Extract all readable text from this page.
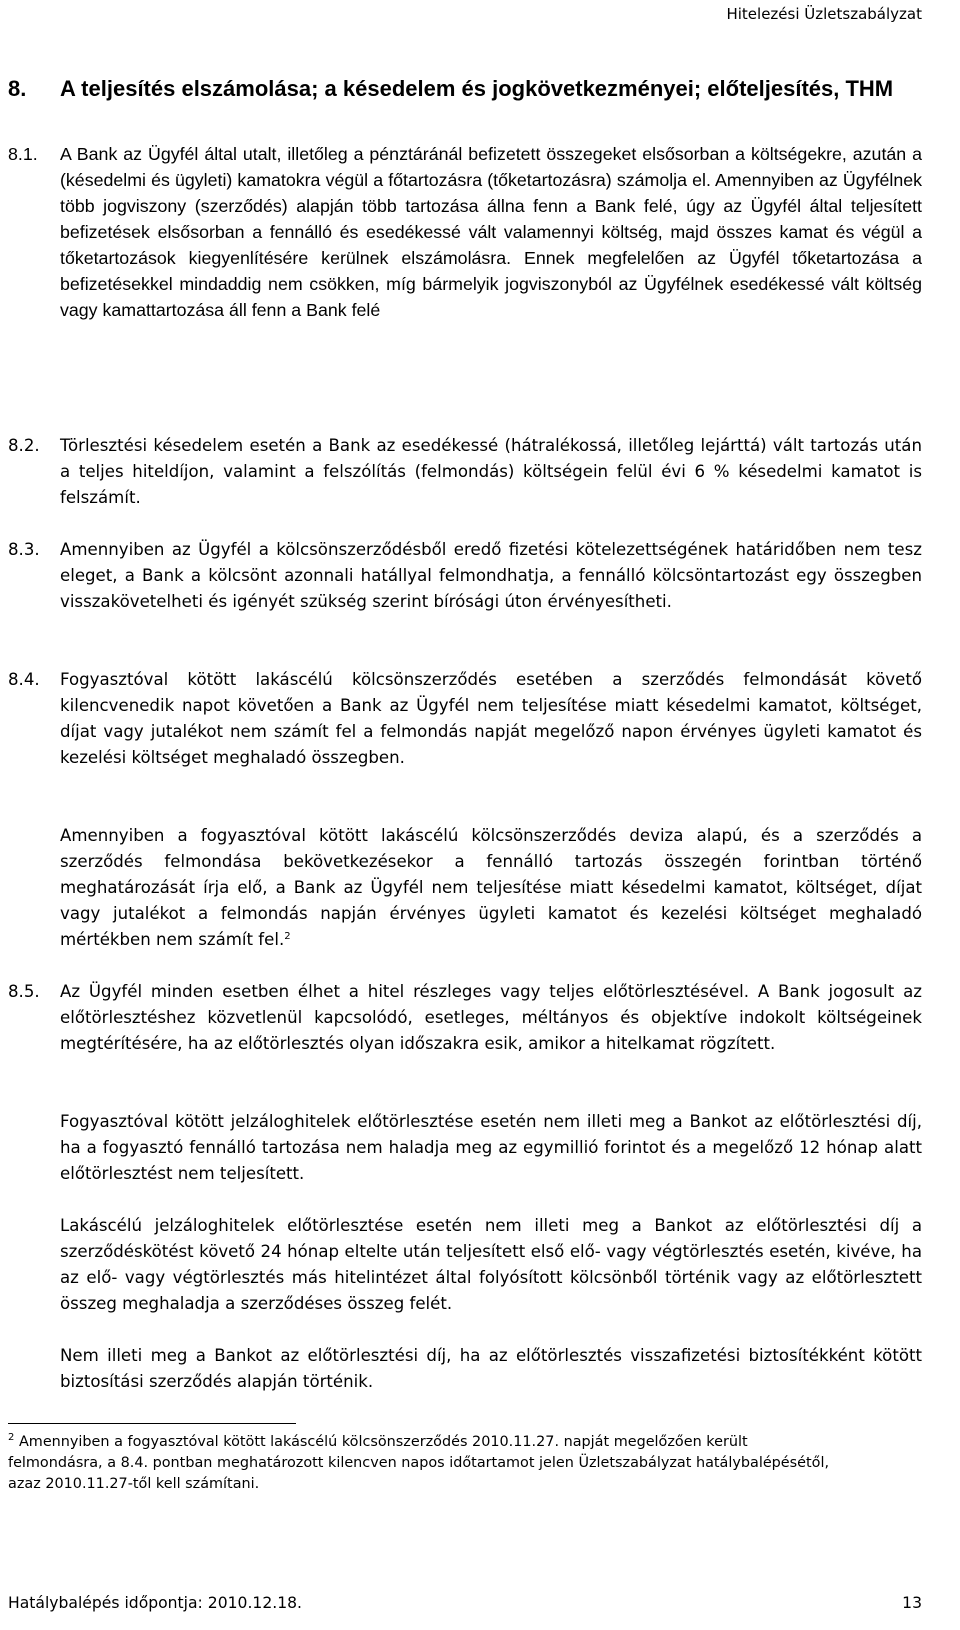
Hitelezési Üzletszabályzat
8. A teljesítés elszámolása; a késedelem és jogkövetkezményei; előteljesítés, THM
8.1. A Bank az Ügyfél által utalt, illetőleg a pénztáránál befizetett összegeket elsősorban a költségekre, azután a (késedelmi és ügyleti) kamatokra végül a főtartozásra (tőketartozásra) számolja el. Amennyiben az Ügyfélnek több jogviszony (szerződés) alapján több tartozása állna fenn a Bank felé, úgy az Ügyfél által teljesített befizetések elsősorban a fennálló és esedékessé vált valamennyi költség, majd összes kamat és végül a tőketartozások kiegyenlítésére kerülnek elszámolásra. Ennek megfelelően az Ügyfél tőketartozása a befizetésekkel mindaddig nem csökken, míg bármelyik jogviszonyból az Ügyfélnek esedékessé vált költség vagy kamattartozása áll fenn a Bank felé
8.2. Törlesztési késedelem esetén a Bank az esedékessé (hátralékossá, illetőleg lejárttá) vált tartozás után a teljes hiteldíjon, valamint a felszólítás (felmondás) költségein felül évi 6 % késedelmi kamatot is felszámít.
8.3. Amennyiben az Ügyfél a kölcsönszerződésből eredő fizetési kötelezettségének határidőben nem tesz eleget, a Bank a kölcsönt azonnali hatállyal felmondhatja, a fennálló kölcsöntartozást egy összegben visszakövetelheti és igényét szükség szerint bírósági úton érvényesítheti.
8.4. Fogyasztóval kötött lakáscélú kölcsönszerződés esetében a szerződés felmondását követő kilencvenedik napot követően a Bank az Ügyfél nem teljesítése miatt késedelmi kamatot, költséget, díjat vagy jutalékot nem számít fel a felmondás napját megelőző napon érvényes ügyleti kamatot és kezelési költséget meghaladó összegben.
Amennyiben a fogyasztóval kötött lakáscélú kölcsönszerződés deviza alapú, és a szerződés a szerződés felmondása bekövetkezésekor a fennálló tartozás összegén forintban történő meghatározását írja elő, a Bank az Ügyfél nem teljesítése miatt késedelmi kamatot, költséget, díjat vagy jutalékot a felmondás napján érvényes ügyleti kamatot és kezelési költséget meghaladó mértékben nem számít fel.$^2$
8.5. Az Ügyfél minden esetben élhet a hitel részleges vagy teljes előtörlesztésével. A Bank jogosult az előtörlesztéshez közvetlenül kapcsolódó, esetleges, méltányos és objektíve indokolt költségeinek megtérítésére, ha az előtörlesztés olyan időszakra esik, amikor a hitelkamat rögzített.
Fogyasztóval kötött jelzáloghitelek előtörlesztése esetén nem illeti meg a Bankot az előtörlesztési díj, ha a fogyasztó fennálló tartozása nem haladja meg az egymillió forintot és a megelőző 12 hónap alatt előtörlesztést nem teljesített.
Lakáscélú jelzáloghitelek előtörlesztése esetén nem illeti meg a Bankot az előtörlesztési díj a szerződéskötést követő 24 hónap eltelte után teljesített első elő- vagy végtörlesztés esetén, kivéve, ha az elő- vagy végtörlesztés más hitelintézet által folyósított kölcsönből történik vagy az előtörlesztett összeg meghaladja a szerződéses összeg felét.
Nem illeti meg a Bankot az előtörlesztési díj, ha az előtörlesztés visszafizetési biztosítékként kötött biztosítási szerződés alapján történik.
$^2$ Amennyiben a fogyasztóval kötött lakáscélú kölcsönszerződés 2010.11.27. napját megelőzően került felmondásra, a 8.4. pontban meghatározott kilencven napos időtartamot jelen Üzletszabályzat hatálybalépésétől, azaz 2010.11.27-től kell számítani.
Hatálybalépés időpontja: 2010.12.18.	13
